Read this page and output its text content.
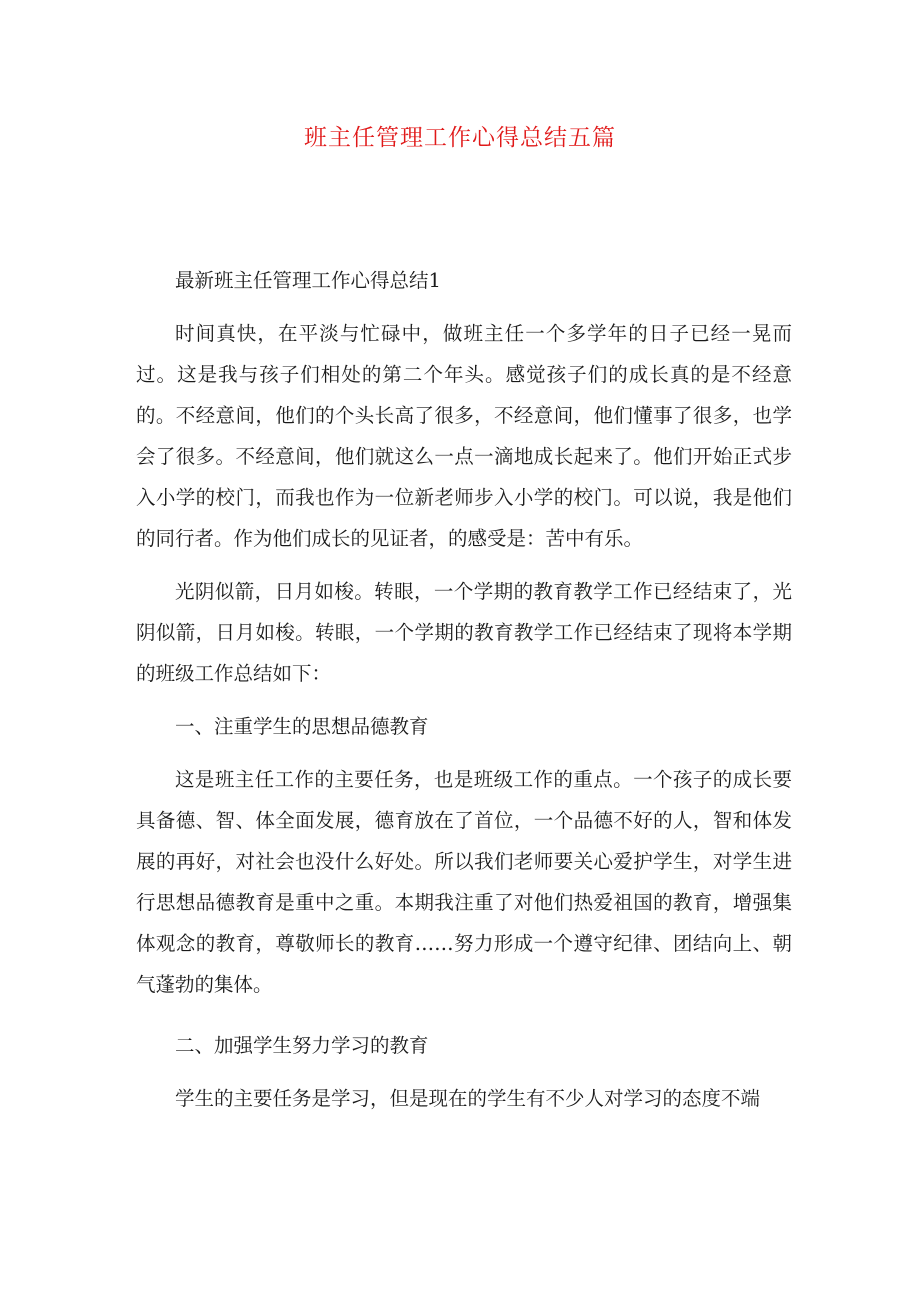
班主任管理工作心得总结五篇

最新班主任管理工作心得总结1

时间真快，在平淡与忙碌中，做班主任一个多学年的日子已经一晃而过。这是我与孩子们相处的第二个年头。感觉孩子们的成长真的是不经意的。不经意间，他们的个头长高了很多，不经意间，他们懂事了很多，也学会了很多。不经意间，他们就这么一点一滴地成长起来了。他们开始正式步入小学的校门，而我也作为一位新老师步入小学的校门。可以说，我是他们的同行者。作为他们成长的见证者，的感受是：苦中有乐。

光阴似箭，日月如梭。转眼，一个学期的教育教学工作已经结束了，光阴似箭，日月如梭。转眼，一个学期的教育教学工作已经结束了现将本学期的班级工作总结如下：

一、注重学生的思想品德教育

这是班主任工作的主要任务，也是班级工作的重点。一个孩子的成长要具备德、智、体全面发展，德育放在了首位，一个品德不好的人，智和体发展的再好，对社会也没什么好处。所以我们老师要关心爱护学生，对学生进行思想品德教育是重中之重。本期我注重了对他们热爱祖国的教育，增强集体观念的教育，尊敬师长的教育……努力形成一个遵守纪律、团结向上、朝气蓬勃的集体。

二、加强学生努力学习的教育

学生的主要任务是学习，但是现在的学生有不少人对学习的态度不端
